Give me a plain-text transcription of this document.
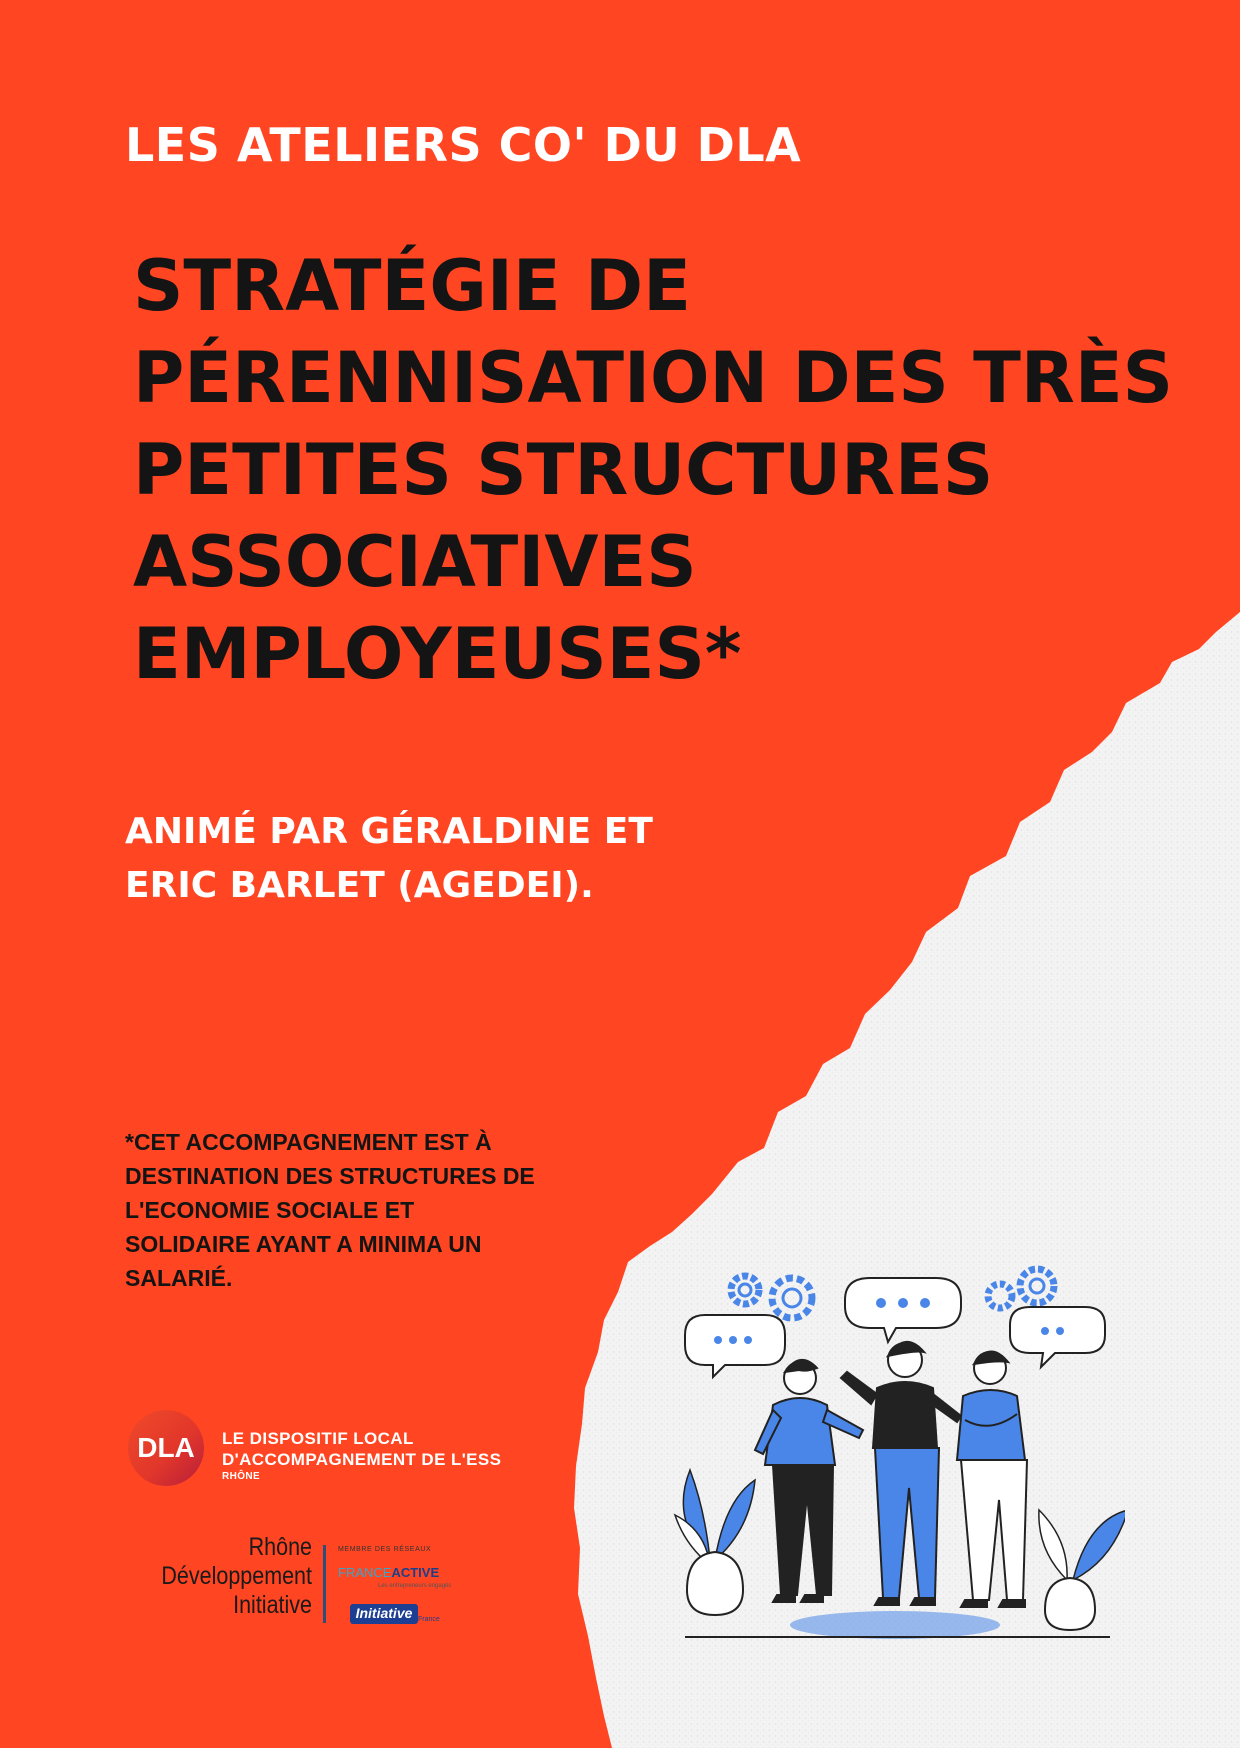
LES ATELIERS CO' DU DLA
STRATÉGIE DE
PÉRENNISATION DES TRÈS
PETITES STRUCTURES
ASSOCIATIVES
EMPLOYEUSES*
ANIMÉ PAR GÉRALDINE ET
ERIC BARLET (AGEDEI).
*CET ACCOMPAGNEMENT EST À
DESTINATION DES STRUCTURES DE
L'ECONOMIE SOCIALE ET
SOLIDAIRE AYANT A MINIMA UN
SALARIÉ.
DLA	LE DISPOSITIF LOCAL
D'ACCOMPAGNEMENT DE L'ESS
RHÔNE
Rhône
Développement
Initiative
MEMBRE DES RÉSEAUX
FRANCEACTIVE
Les entrepreneurs engagés
Initiative France
